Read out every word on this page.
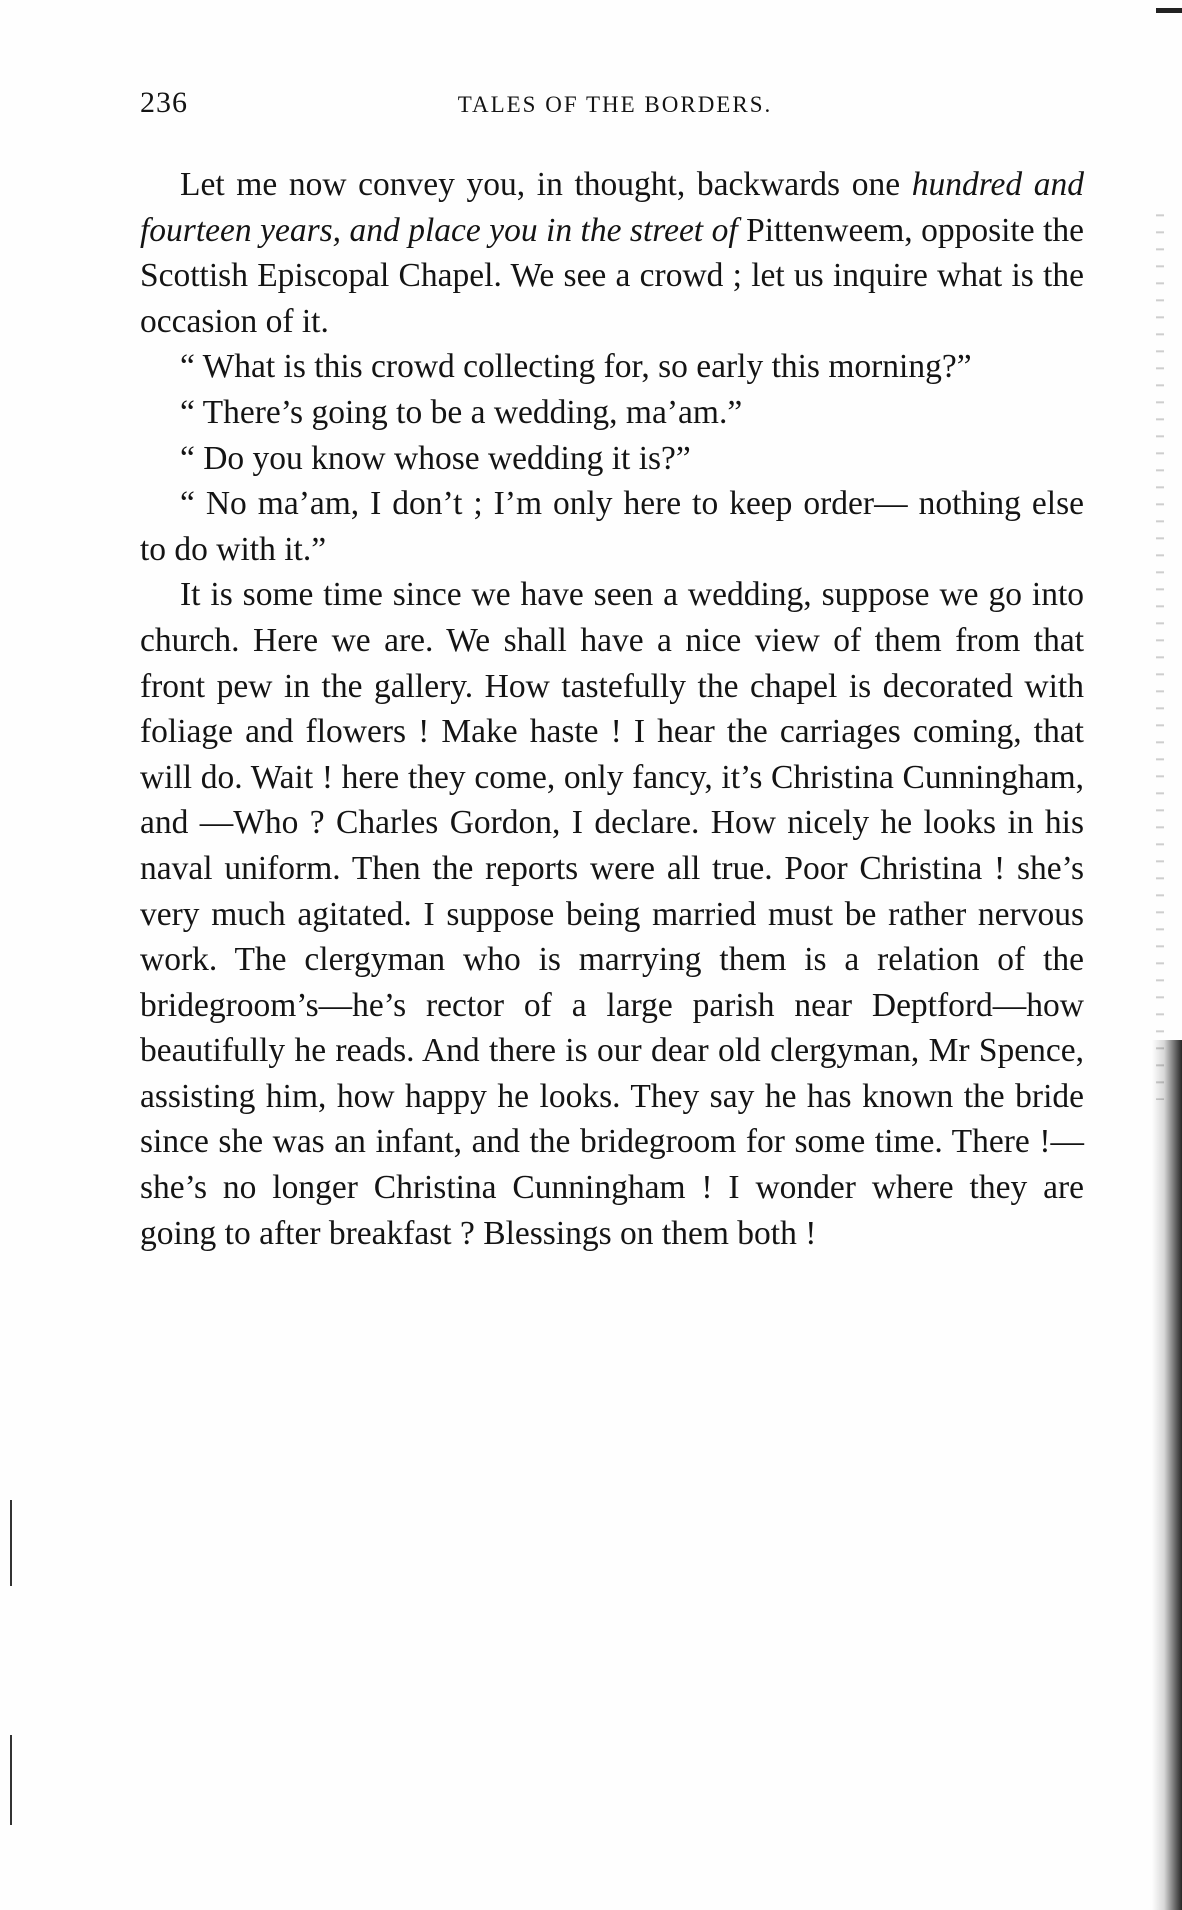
236	TALES OF THE BORDERS.

Let me now convey you, in thought, backwards one hundred and fourteen years, and place you in the street of Pittenweem, opposite the Scottish Episcopal Chapel. We see a crowd ; let us inquire what is the occasion of it.

“ What is this crowd collecting for, so early this morning?”

“ There’s going to be a wedding, ma’am.”

“ Do you know whose wedding it is?”

“ No ma’am, I don’t ; I’m only here to keep order— nothing else to do with it.”

It is some time since we have seen a wedding, suppose we go into church. Here we are. We shall have a nice view of them from that front pew in the gallery. How tastefully the chapel is decorated with foliage and flowers ! Make haste ! I hear the carriages coming, that will do. Wait ! here they come, only fancy, it’s Christina Cunningham, and —Who ? Charles Gordon, I declare. How nicely he looks in his naval uniform. Then the reports were all true. Poor Christina ! she’s very much agitated. I suppose being married must be rather nervous work. The clergyman who is marrying them is a relation of the bridegroom’s—he’s rector of a large parish near Deptford—how beautifully he reads. And there is our dear old clergyman, Mr Spence, assisting him, how happy he looks. They say he has known the bride since she was an infant, and the bridegroom for some time. There !—she’s no longer Christina Cunningham ! I wonder where they are going to after breakfast ? Blessings on them both !
